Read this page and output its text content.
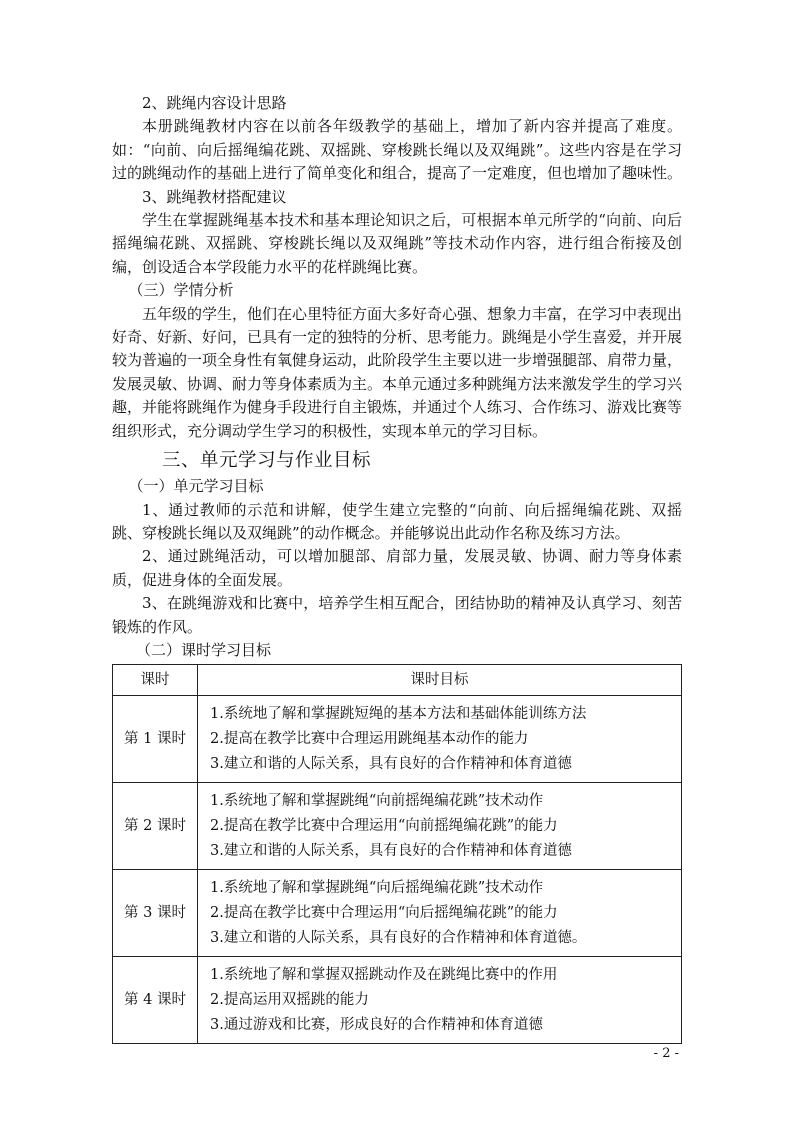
2、跳绳内容设计思路

本册跳绳教材内容在以前各年级教学的基础上，增加了新内容并提高了难度。如：“向前、向后摇绳编花跳、双摇跳、穿梭跳长绳以及双绳跳”。这些内容是在学习过的跳绳动作的基础上进行了简单变化和组合，提高了一定难度，但也增加了趣味性。

3、跳绳教材搭配建议

学生在掌握跳绳基本技术和基本理论知识之后，可根据本单元所学的“向前、向后摇绳编花跳、双摇跳、穿梭跳长绳以及双绳跳”等技术动作内容，进行组合衔接及创编，创设适合本学段能力水平的花样跳绳比赛。

（三）学情分析

五年级的学生，他们在心里特征方面大多好奇心强、想象力丰富，在学习中表现出好奇、好新、好问，已具有一定的独特的分析、思考能力。跳绳是小学生喜爱，并开展较为普遍的一项全身性有氧健身运动，此阶段学生主要以进一步增强腿部、肩带力量，发展灵敏、协调、耐力等身体素质为主。本单元通过多种跳绳方法来激发学生的学习兴趣，并能将跳绳作为健身手段进行自主锻炼，并通过个人练习、合作练习、游戏比赛等组织形式，充分调动学生学习的积极性，实现本单元的学习目标。

三、单元学习与作业目标

（一）单元学习目标

1、通过教师的示范和讲解，使学生建立完整的“向前、向后摇绳编花跳、双摇跳、穿梭跳长绳以及双绳跳”的动作概念。并能够说出此动作名称及练习方法。

2、通过跳绳活动，可以增加腿部、肩部力量，发展灵敏、协调、耐力等身体素质，促进身体的全面发展。

3、在跳绳游戏和比赛中，培养学生相互配合，团结协助的精神及认真学习、刻苦锻炼的作风。

（二）课时学习目标

课时	课时目标
第 1 课时	1.系统地了解和掌握跳短绳的基本方法和基础体能训练方法
2.提高在教学比赛中合理运用跳绳基本动作的能力
3.建立和谐的人际关系，具有良好的合作精神和体育道德

第 2 课时	1.系统地了解和掌握跳绳“向前摇绳编花跳”技术动作
2.提高在教学比赛中合理运用“向前摇绳编花跳”的能力
3.建立和谐的人际关系，具有良好的合作精神和体育道德

第 3 课时	1.系统地了解和掌握跳绳“向后摇绳编花跳”技术动作
2.提高在教学比赛中合理运用“向后摇绳编花跳”的能力
3.建立和谐的人际关系，具有良好的合作精神和体育道德。

第 4 课时	1.系统地了解和掌握双摇跳动作及在跳绳比赛中的作用
2.提高运用双摇跳的能力
3.通过游戏和比赛，形成良好的合作精神和体育道德
- 2 -
